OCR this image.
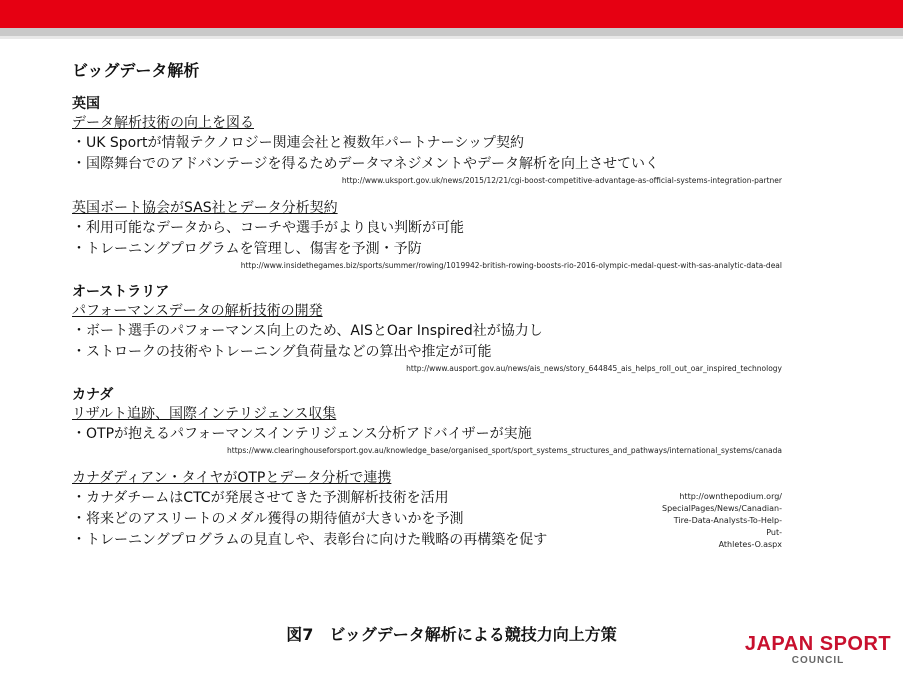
ビッグデータ解析
英国
データ解析技術の向上を図る
・UK Sportが情報テクノロジー関連会社と複数年パートナーシップ契約
・国際舞台でのアドバンテージを得るためデータマネジメントやデータ解析を向上させていく
http://www.uksport.gov.uk/news/2015/12/21/cgi-boost-competitive-advantage-as-official-systems-integration-partner
英国ボート協会がSAS社とデータ分析契約
・利用可能なデータから、コーチや選手がより良い判断が可能
・トレーニングプログラムを管理し、傷害を予測・予防
http://www.insidethegames.biz/sports/summer/rowing/1019942-british-rowing-boosts-rio-2016-olympic-medal-quest-with-sas-analytic-data-deal
オーストラリア
パフォーマンスデータの解析技術の開発
・ボート選手のパフォーマンス向上のため、AISとOar Inspired社が協力し
・ストロークの技術やトレーニング負荷量などの算出や推定が可能
http://www.ausport.gov.au/news/ais_news/story_644845_ais_helps_roll_out_oar_inspired_technology
カナダ
リザルト追跡、国際インテリジェンス収集
・OTPが抱えるパフォーマンスインテリジェンス分析アドバイザーが実施
https://www.clearinghouseforsport.gov.au/knowledge_base/organised_sport/sport_systems_structures_and_pathways/international_systems/canada
カナダディアン・タイヤがOTPとデータ分析で連携
・カナダチームはCTCが発展させてきた予測解析技術を活用
・将来どのアスリートのメダル獲得の期待値が大きいかを予測
・トレーニングプログラムの見直しや、表彰台に向けた戦略の再構築を促す
http://ownthepodium.org/
SpecialPages/News/Canadian-
Tire-Data-Analysts-To-Help-Put-
Athletes-O.aspx
図7　ビッグデータ解析による競技力向上方策	JAPAN SPORT
COUNCIL
